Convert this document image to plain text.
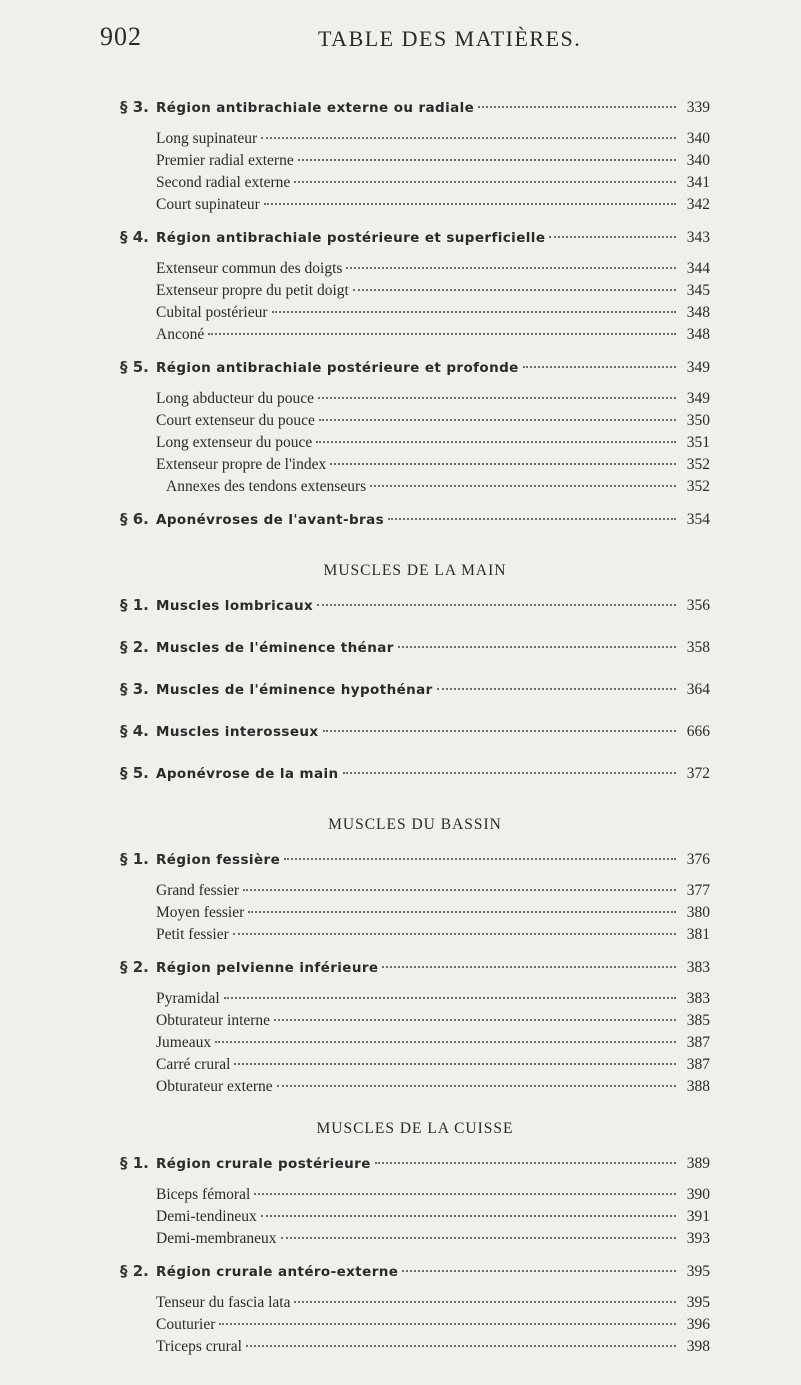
902	TABLE DES MATIÈRES.
§ 3. Région antibrachiale externe ou radiale	339
Long supinateur	340
Premier radial externe	340
Second radial externe	341
Court supinateur	342
§ 4. Région antibrachiale postérieure et superficielle	343
Extenseur commun des doigts	344
Extenseur propre du petit doigt	345
Cubital postérieur	348
Anconé	348
§ 5. Région antibrachiale postérieure et profonde	349
Long abducteur du pouce	349
Court extenseur du pouce	350
Long extenseur du pouce	351
Extenseur propre de l'index	352
Annexes des tendons extenseurs	352
§ 6. Aponévroses de l'avant-bras	354
MUSCLES DE LA MAIN
§ 1. Muscles lombricaux	356
§ 2. Muscles de l'éminence thénar	358
§ 3. Muscles de l'éminence hypothénar	364
§ 4. Muscles interosseux	666
§ 5. Aponévrose de la main	372
MUSCLES DU BASSIN
§ 1. Région fessière	376
Grand fessier	377
Moyen fessier	380
Petit fessier	381
§ 2. Région pelvienne inférieure	383
Pyramidal	383
Obturateur interne	385
Jumeaux	387
Carré crural	387
Obturateur externe	388
MUSCLES DE LA CUISSE
§ 1. Région crurale postérieure	389
Biceps fémoral	390
Demi-tendineux	391
Demi-membraneux	393
§ 2. Région crurale antéro-externe	395
Tenseur du fascia lata	395
Couturier	396
Triceps crural	398
